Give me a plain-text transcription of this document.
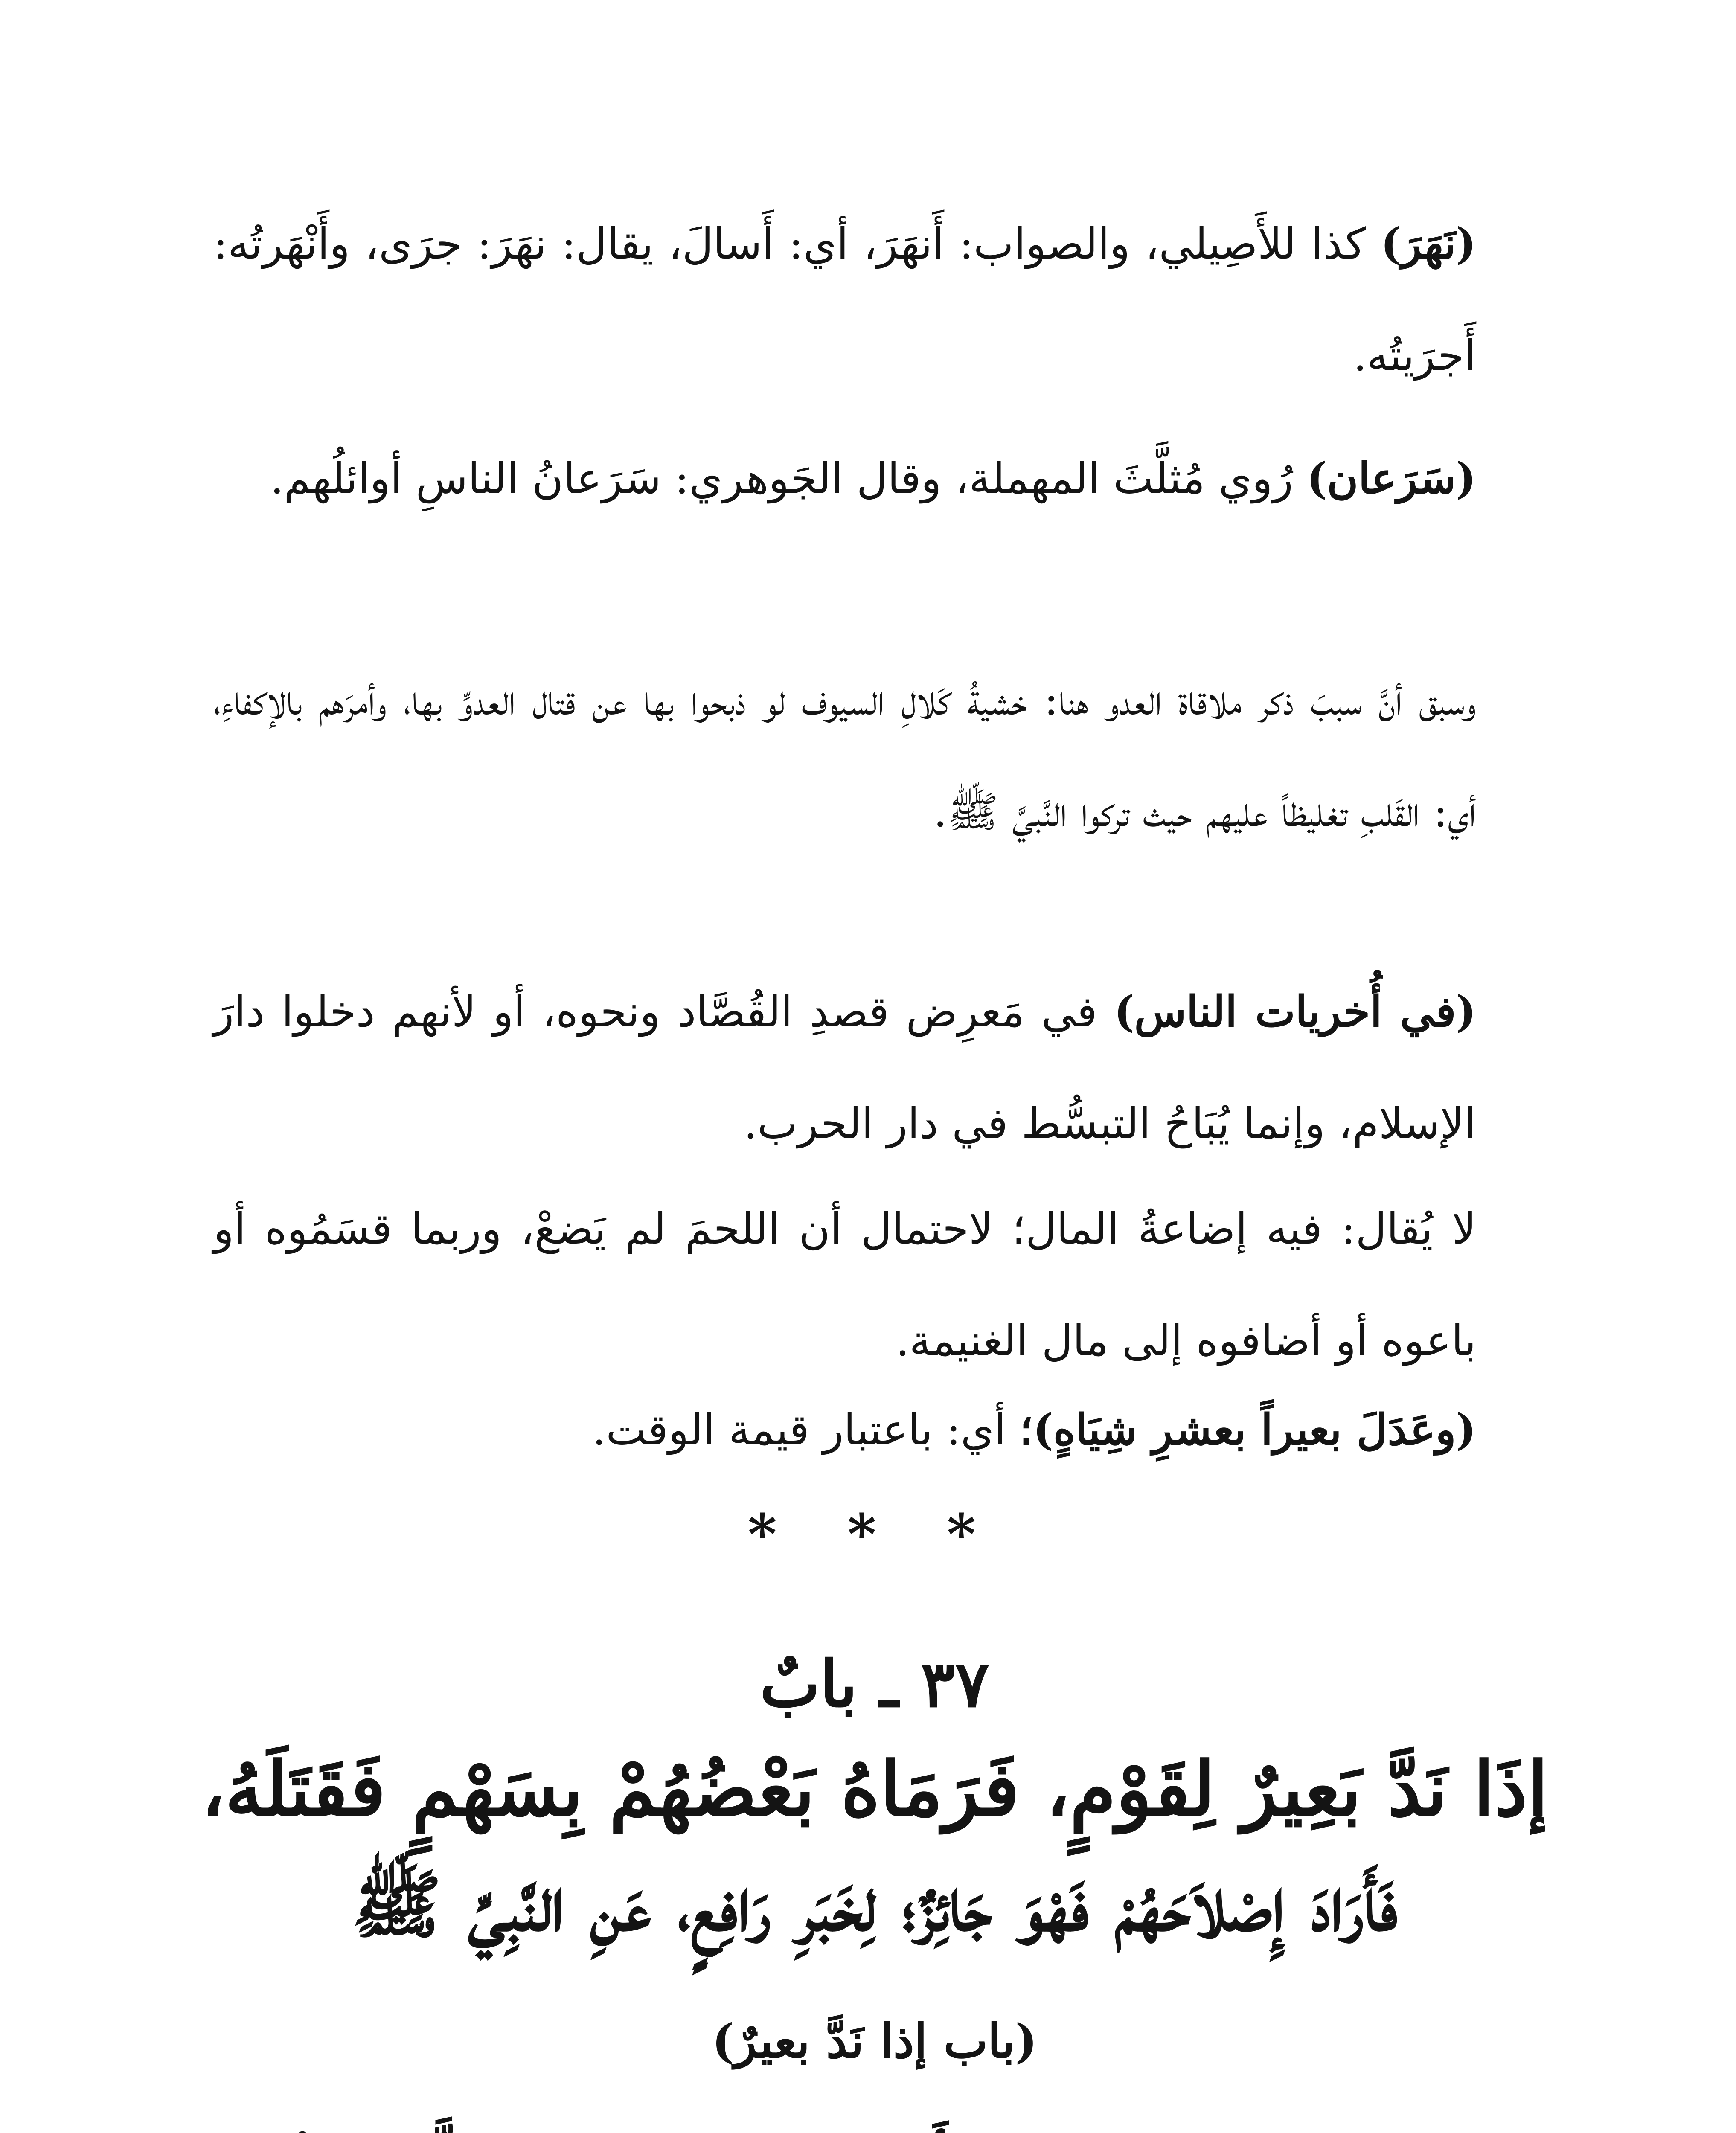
(نَهَرَ) كذا للأَصِيلي، والصواب: أَنهَرَ، أي: أَسالَ، يقال: نهَرَ: جرَى، وأَنْهَرتُه: أَجرَيتُه.
(سَرَعان) رُوي مُثلَّثَ المهملة، وقال الجَوهري: سَرَعانُ الناسِ أوائلُهم.
وسبق أنَّ سببَ ذكر ملاقاة العدو هنا: خشيةُ كَلالِ السيوف لو ذبحوا بها عن قتال العدوِّ بها، وأمرَهم بالإكفاءِ، أي: القَلبِ تغليظاً عليهم حيث تركوا النَّبيَّ ﷺ.
(في أُخريات الناس) في مَعرِض قصدِ القُصَّاد ونحوه، أو لأنهم دخلوا دارَ الإسلام، وإنما يُبَاحُ التبسُّط في دار الحرب.
لا يُقال: فيه إضاعةُ المال؛ لاحتمال أن اللحمَ لم يَضعْ، وربما قسَمُوه أو باعوه أو أضافوه إلى مال الغنيمة.
(وعَدَلَ بعيراً بعشرِ شِيَاهٍ)؛ أي: باعتبار قيمة الوقت.
* * *
٣٧ ـ بابٌ
إذَا نَدَّ بَعِيرٌ لِقَوْمٍ، فَرَمَاهُ بَعْضُهُمْ بِسَهْمٍ فَقَتَلَهُ،
فَأَرَادَ إِصْلاَحَهُمْ فَهْوَ جَائِزٌ؛ لِخَبَرِ رَافِعٍ، عَنِ النَّبِيِّ ﷺ
(باب إذا نَدَّ بعيرٌ)
